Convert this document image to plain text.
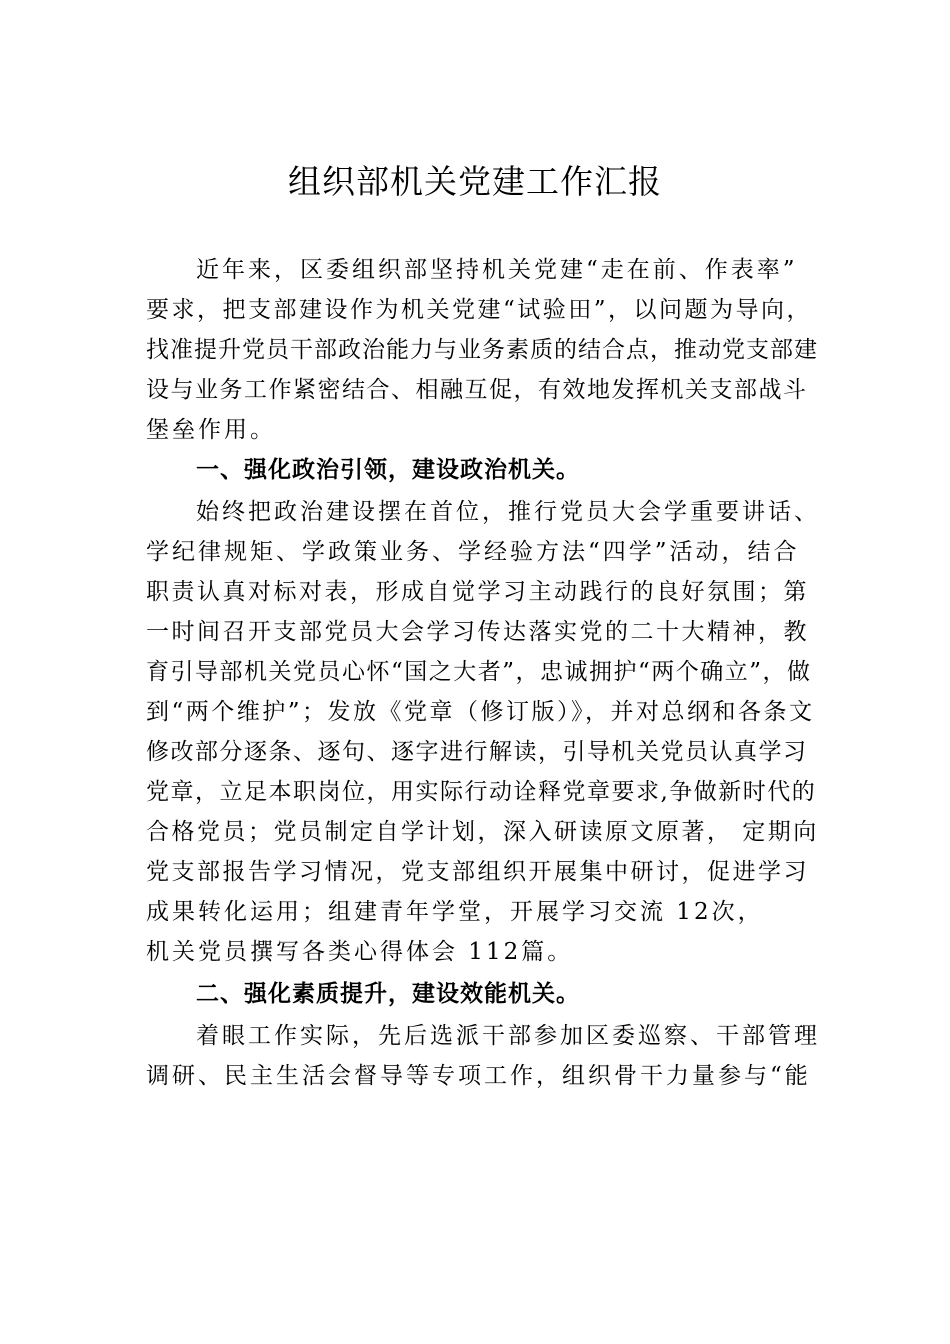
组织部机关党建工作汇报
近年来，区委组织部坚持机关党建“走在前、作表率”
要求，把支部建设作为机关党建“试验田”，以问题为导向，
找准提升党员干部政治能力与业务素质的结合点，推动党支部建
设与业务工作紧密结合、相融互促，有效地发挥机关支部战斗
堡垒作用。
一、强化政治引领，建设政治机关。
始终把政治建设摆在首位，推行党员大会学重要讲话、
学纪律规矩、学政策业务、学经验方法“四学”活动，结合
职责认真对标对表，形成自觉学习主动践行的良好氛围；第
一时间召开支部党员大会学习传达落实党的二十大精神，教
育引导部机关党员心怀“国之大者”，忠诚拥护“两个确立”，做
到“两个维护”；发放《党章（修订版）》，并对总纲和各条文
修改部分逐条、逐句、逐字进行解读，引导机关党员认真学习
党章，立足本职岗位，用实际行动诠释党章要求,争做新时代的
合格党员；党员制定自学计划，深入研读原文原著， 定期向
党支部报告学习情况，党支部组织开展集中研讨，促进学习
成果转化运用；组建青年学堂，开展学习交流 12次，
机关党员撰写各类心得体会 112篇。
二、强化素质提升，建设效能机关。
着眼工作实际，先后选派干部参加区委巡察、干部管理
调研、民主生活会督导等专项工作，组织骨干力量参与“能
